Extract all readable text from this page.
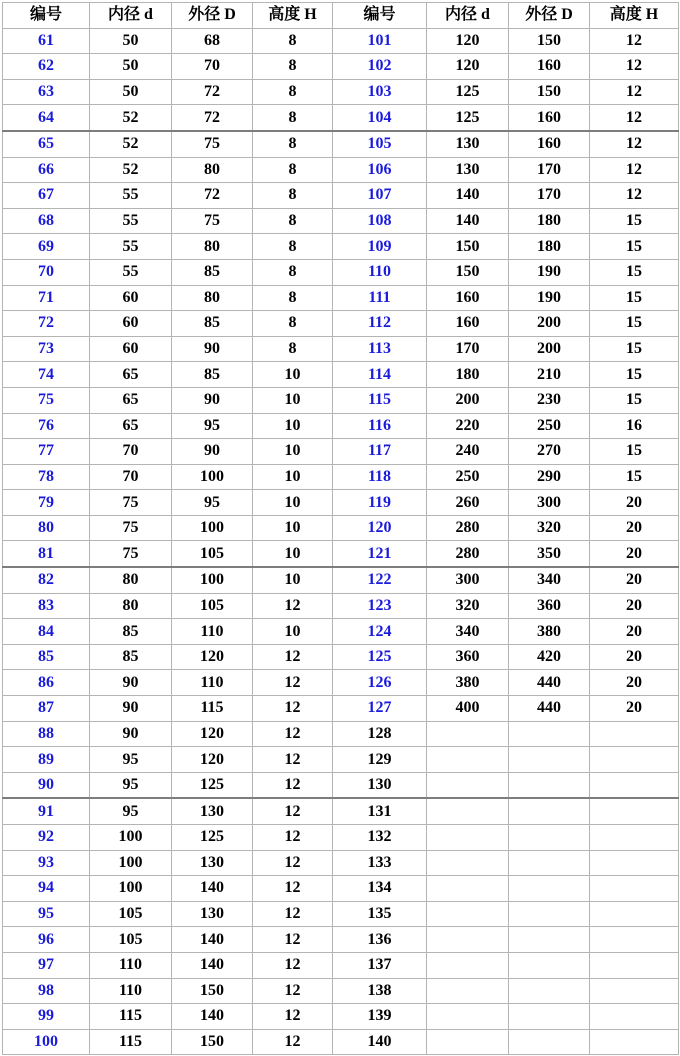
编号	内径 d	外径 D	高度 H	编号	内径 d	外径 D	高度 H
61	50	68	8	101	120	150	12
62	50	70	8	102	120	160	12
63	50	72	8	103	125	150	12
64	52	72	8	104	125	160	12
65	52	75	8	105	130	160	12
66	52	80	8	106	130	170	12
67	55	72	8	107	140	170	12
68	55	75	8	108	140	180	15
69	55	80	8	109	150	180	15
70	55	85	8	110	150	190	15
71	60	80	8	111	160	190	15
72	60	85	8	112	160	200	15
73	60	90	8	113	170	200	15
74	65	85	10	114	180	210	15
75	65	90	10	115	200	230	15
76	65	95	10	116	220	250	16
77	70	90	10	117	240	270	15
78	70	100	10	118	250	290	15
79	75	95	10	119	260	300	20
80	75	100	10	120	280	320	20
81	75	105	10	121	280	350	20
82	80	100	10	122	300	340	20
83	80	105	12	123	320	360	20
84	85	110	10	124	340	380	20
85	85	120	12	125	360	420	20
86	90	110	12	126	380	440	20
87	90	115	12	127	400	440	20
88	90	120	12	128			
89	95	120	12	129			
90	95	125	12	130			
91	95	130	12	131			
92	100	125	12	132			
93	100	130	12	133			
94	100	140	12	134			
95	105	130	12	135			
96	105	140	12	136			
97	110	140	12	137			
98	110	150	12	138			
99	115	140	12	139			
100	115	150	12	140			
